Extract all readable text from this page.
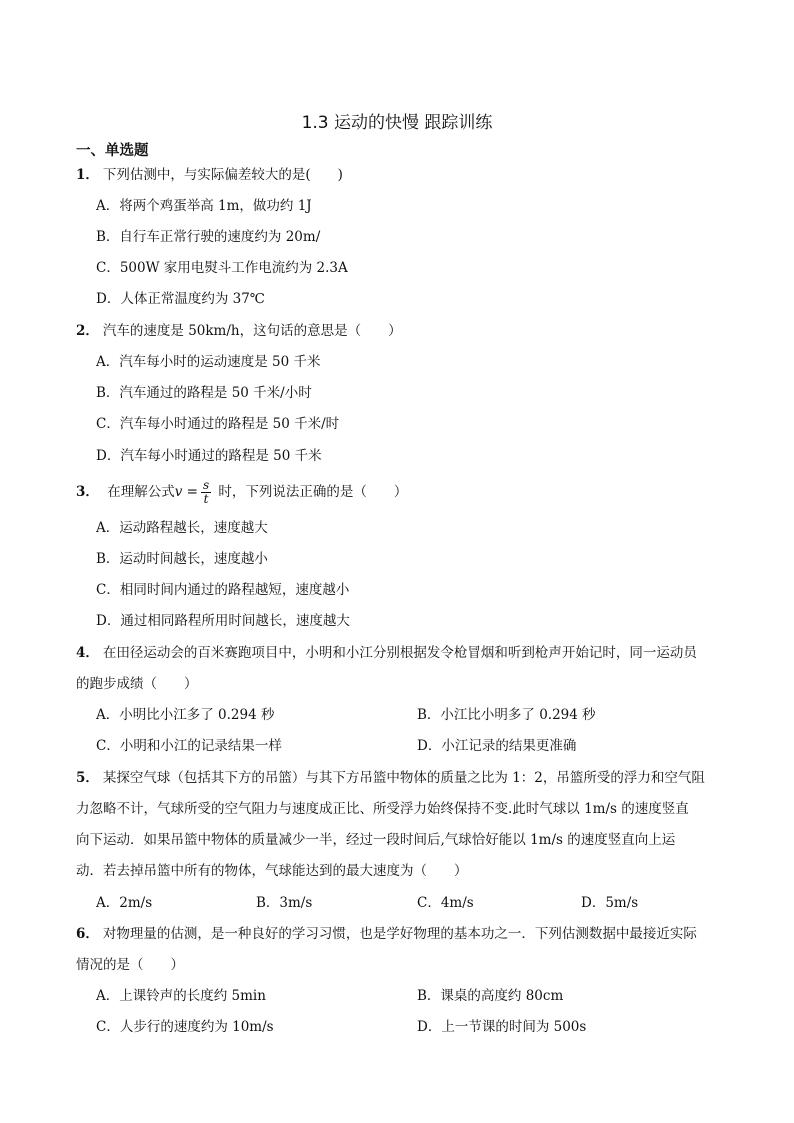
1.3 运动的快慢 跟踪训练
一、单选题
1． 下列估测中，与实际偏差较大的是(　　)
A．将两个鸡蛋举高 1m，做功约 1J
B．自行车正常行驶的速度约为 20m/
C．500W 家用电熨斗工作电流约为 2.3A
D．人体正常温度约为 37℃
2． 汽车的速度是 50km/h，这句话的意思是（　　）
A．汽车每小时的运动速度是 50 千米
B．汽车通过的路程是 50 千米/小时
C．汽车每小时通过的路程是 50 千米/时
D．汽车每小时通过的路程是 50 千米
3． 在理解公式$v = \frac{s}{t}$ 时，下列说法正确的是（　　）
A．运动路程越长，速度越大
B．运动时间越长，速度越小
C．相同时间内通过的路程越短，速度越小
D．通过相同路程所用时间越长，速度越大
4． 在田径运动会的百米赛跑项目中，小明和小江分别根据发令枪冒烟和听到枪声开始记时，同一运动员
的跑步成绩（　　）
A．小明比小江多了 0.294 秒	B．小江比小明多了 0.294 秒
C．小明和小江的记录结果一样	D．小江记录的结果更准确
5． 某探空气球（包括其下方的吊篮）与其下方吊篮中物体的质量之比为 1：2，吊篮所受的浮力和空气阻
力忽略不计，气球所受的空气阻力与速度成正比、所受浮力始终保持不变.此时气球以 1m/s 的速度竖直
向下运动．如果吊篮中物体的质量减少一半，经过一段时间后,气球恰好能以 1m/s 的速度竖直向上运
动．若去掉吊篮中所有的物体，气球能达到的最大速度为（　　）
A．2m/s	B．3m/s	C．4m/s	D．5m/s
6． 对物理量的估测，是一种良好的学习习惯，也是学好物理的基本功之一．下列估测数据中最接近实际
情况的是（　　）
A．上课铃声的长度约 5min	B．课桌的高度约 80cm
C．人步行的速度约为 10m/s	D．上一节课的时间为 500s
